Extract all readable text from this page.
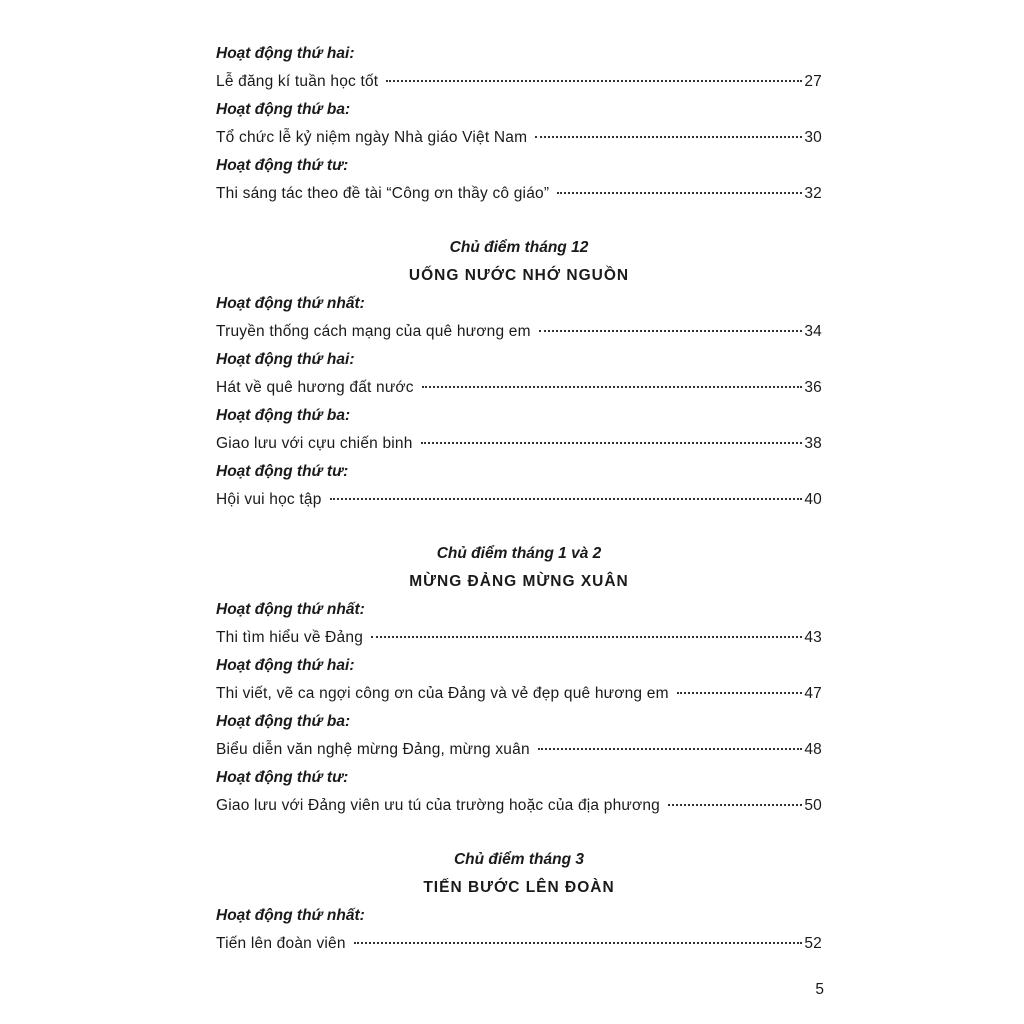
Hoạt động thứ hai:
Lễ đăng kí tuần học tốt	27
Hoạt động thứ ba:
Tổ chức lễ kỷ niệm ngày Nhà giáo Việt Nam	30
Hoạt động thứ tư:
Thi sáng tác theo đề tài “Công ơn thầy cô giáo”	32
Chủ điểm tháng 12
UỐNG NƯỚC NHỚ NGUỒN
Hoạt động thứ nhất:
Truyền thống cách mạng của quê hương em	34
Hoạt động thứ hai:
Hát về quê hương đất nước	36
Hoạt động thứ ba:
Giao lưu với cựu chiến binh	38
Hoạt động thứ tư:
Hội vui học tập	40
Chủ điểm tháng 1 và 2
MỪNG ĐẢNG MỪNG XUÂN
Hoạt động thứ nhất:
Thi tìm hiểu về Đảng	43
Hoạt động thứ hai:
Thi viết, vẽ ca ngợi công ơn của Đảng và vẻ đẹp quê hương em	47
Hoạt động thứ ba:
Biểu diễn văn nghệ mừng Đảng, mừng xuân	48
Hoạt động thứ tư:
Giao lưu với Đảng viên ưu tú của trường hoặc của địa phương	50
Chủ điểm tháng 3
TIẾN BƯỚC LÊN ĐOÀN
Hoạt động thứ nhất:
Tiến lên đoàn viên	52
5
